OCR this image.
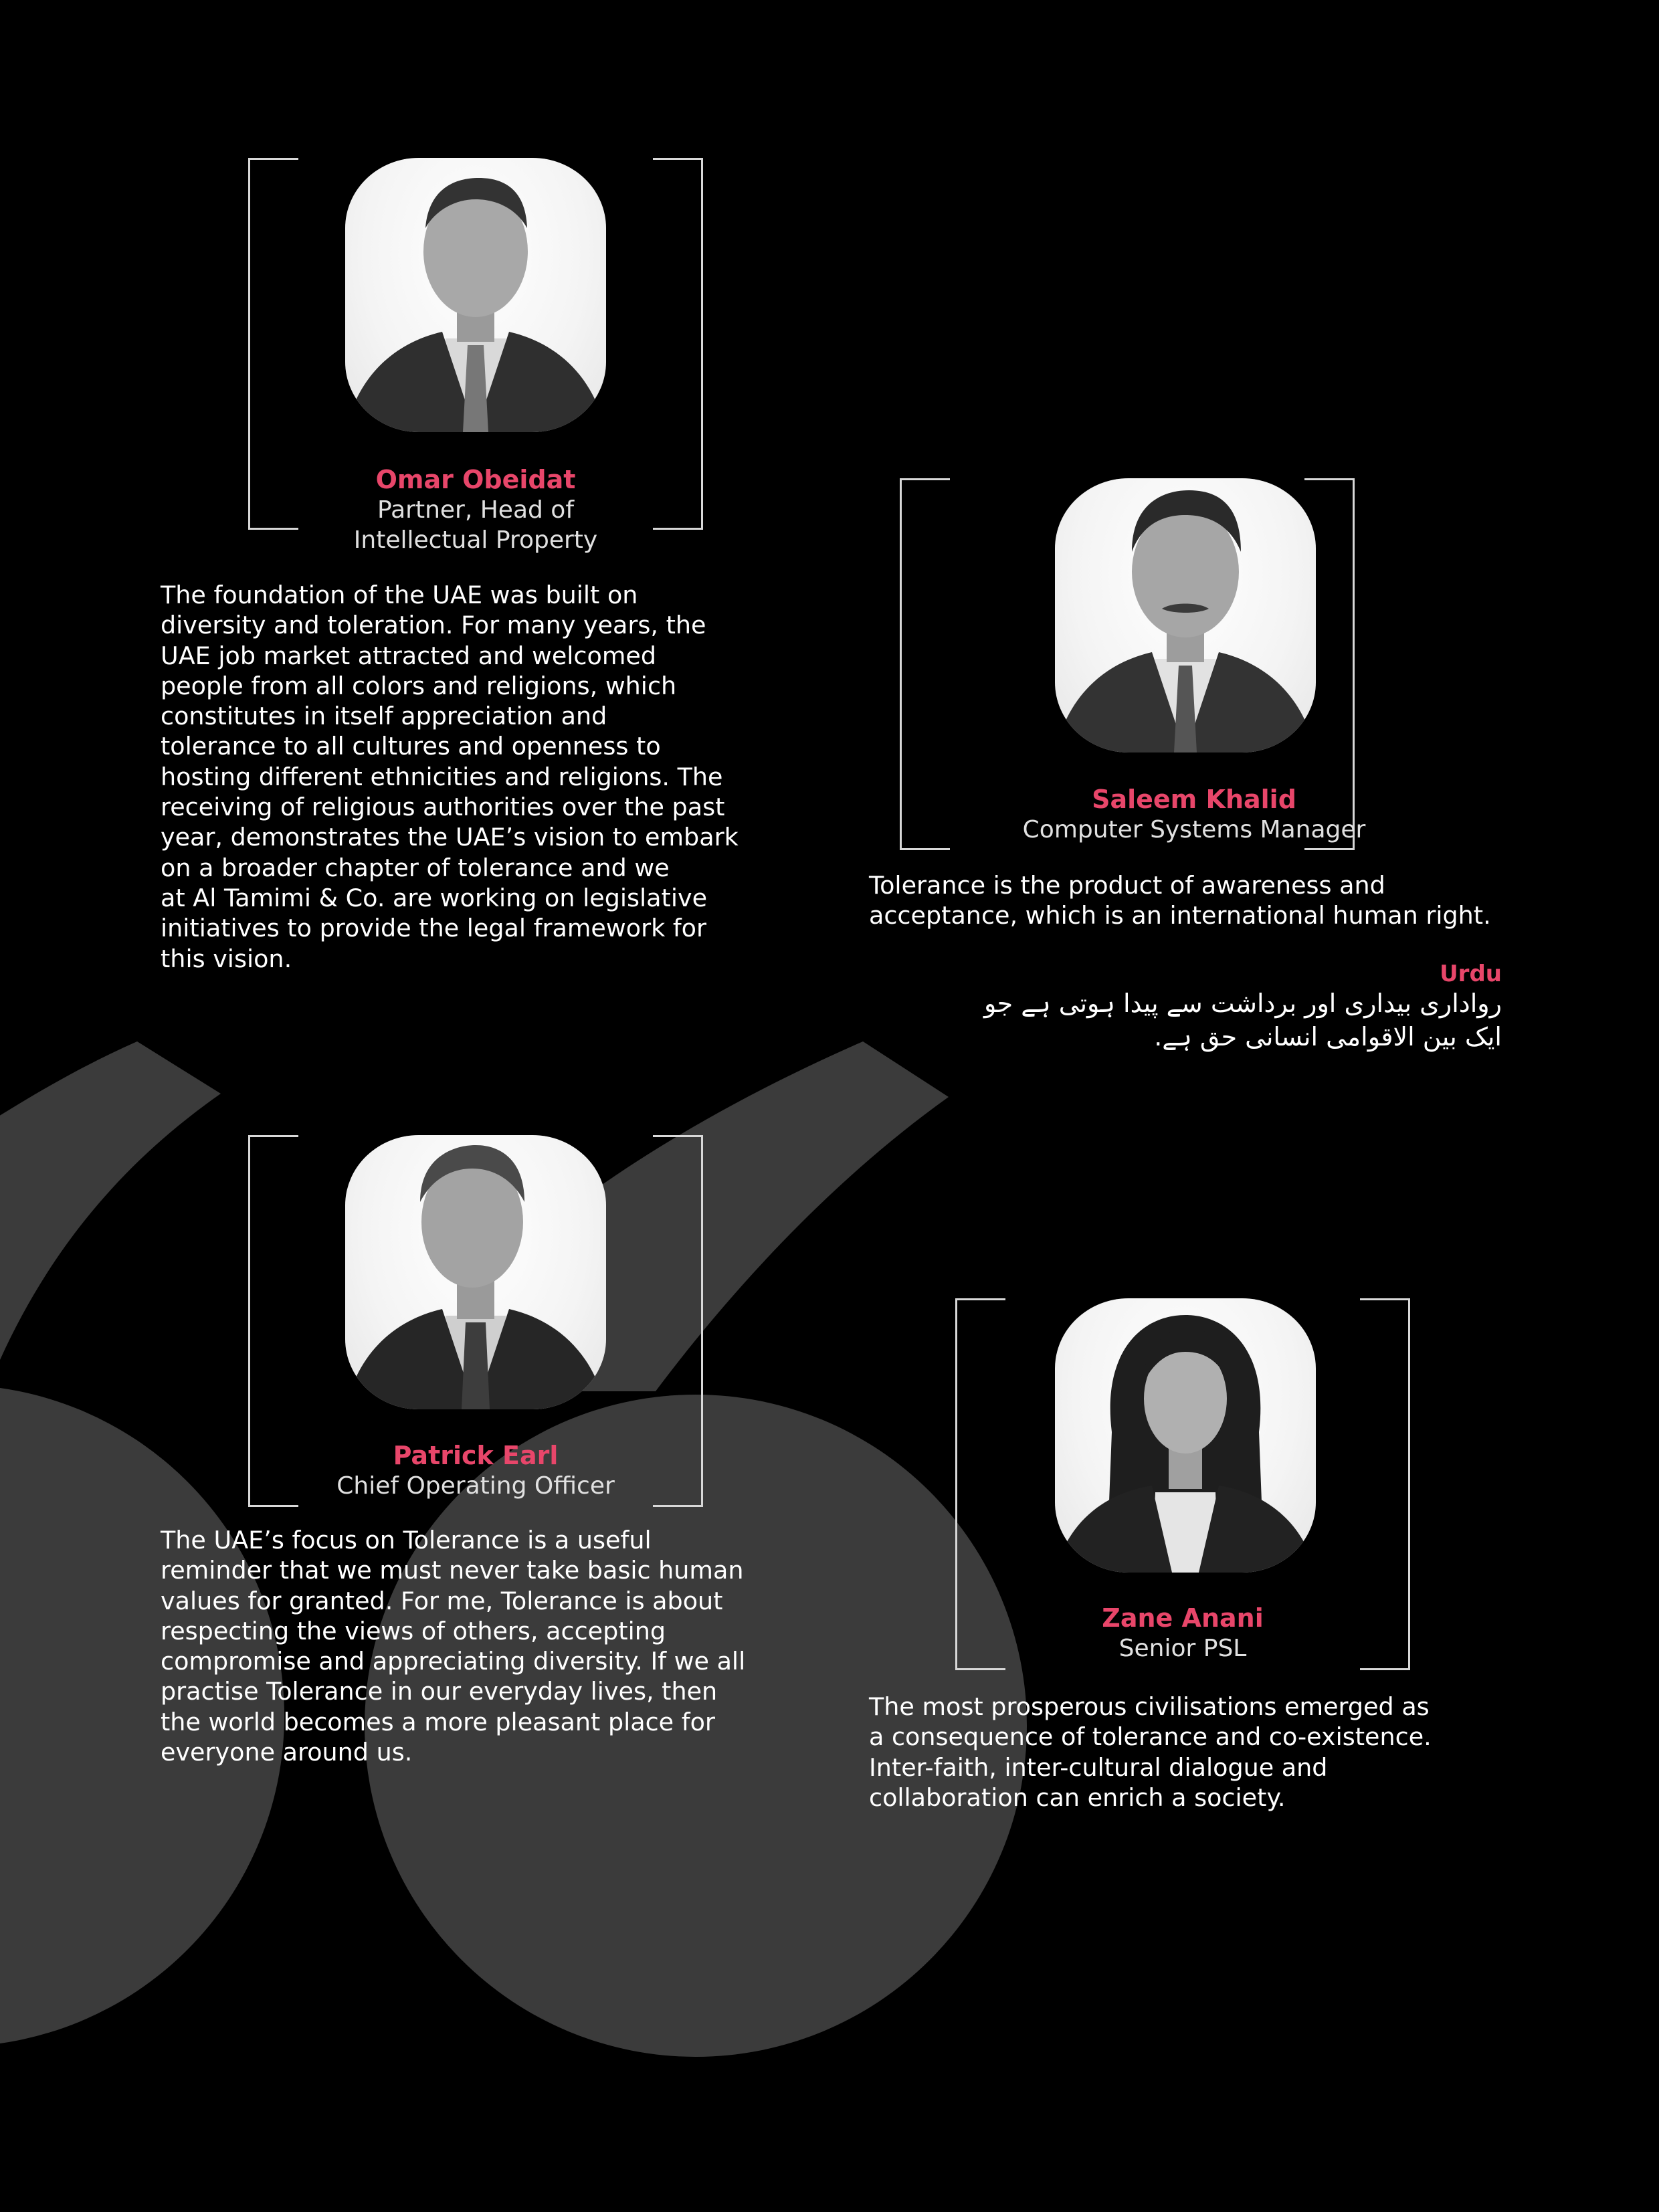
Omar Obeidat
Partner, Head of
Intellectual Property

The foundation of the UAE was built on
diversity and toleration. For many years, the
UAE job market attracted and welcomed
people from all colors and religions, which
constitutes in itself appreciation and
tolerance to all cultures and openness to
hosting different ethnicities and religions. The
receiving of religious authorities over the past
year, demonstrates the UAE’s vision to embark
on a broader chapter of tolerance and we
at Al Tamimi & Co. are working on legislative
initiatives to provide the legal framework for
this vision.

Saleem Khalid
Computer Systems Manager

Tolerance is the product of awareness and
acceptance, which is an international human right.

Urdu
رواداری بیداری اور برداشت سے پیدا ہوتی ہے جو
ایک بین الاقوامی انسانی حق ہے.
Patrick Earl
Chief Operating Officer

The UAE’s focus on Tolerance is a useful
reminder that we must never take basic human
values for granted. For me, Tolerance is about
respecting the views of others, accepting
compromise and appreciating diversity. If we all
practise Tolerance in our everyday lives, then
the world becomes a more pleasant place for
everyone around us.

Zane Anani
Senior PSL

The most prosperous civilisations emerged as
a consequence of tolerance and co-existence.
Inter-faith, inter-cultural dialogue and
collaboration can enrich a society.
